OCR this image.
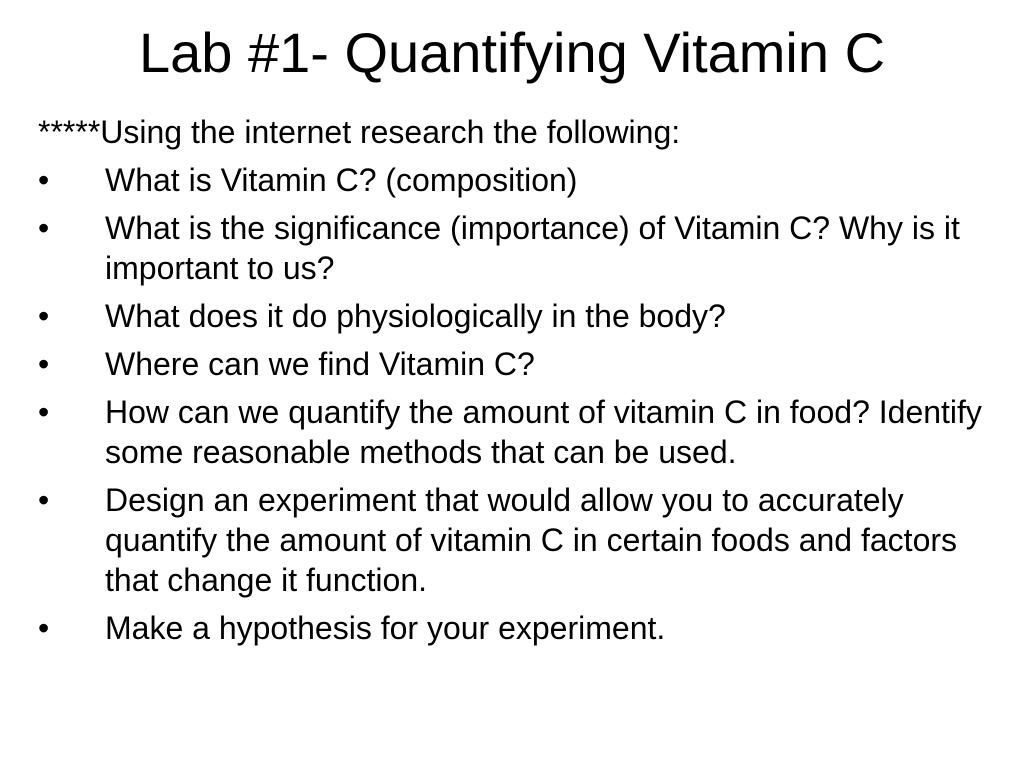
Lab #1- Quantifying Vitamin C

*****Using the internet research the following:

•	What is Vitamin C? (composition)
•	What is the significance (importance) of Vitamin C? Why is it important to us?
•	What does it do physiologically in the body?
•	Where can we find Vitamin C?
•	How can we quantify the amount of vitamin C in food? Identify some reasonable methods that can be used.
•	Design an experiment that would allow you to accurately quantify the amount of vitamin C in certain foods and factors that change it function.
•	Make a hypothesis for your experiment.
